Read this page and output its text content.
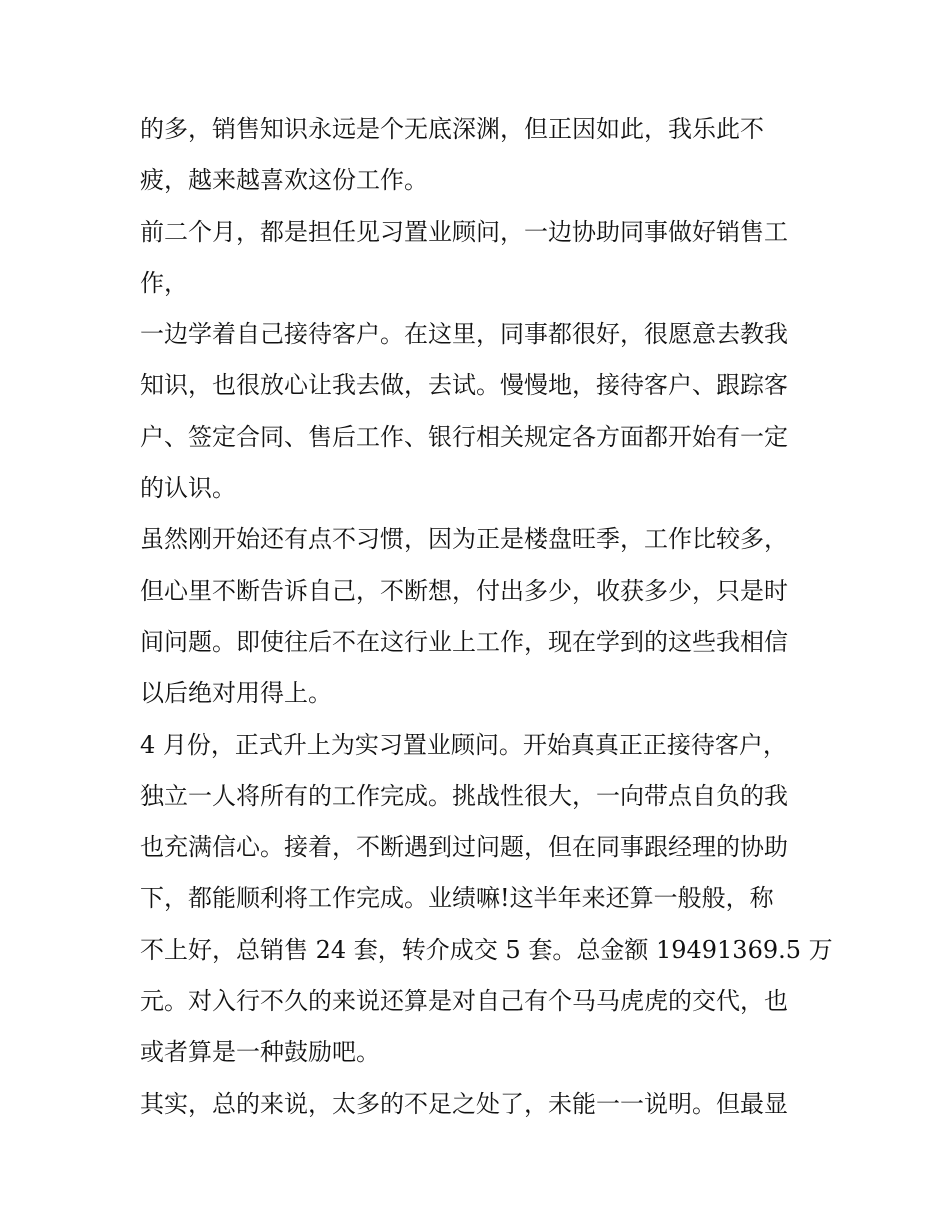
的多，销售知识永远是个无底深渊，但正因如此，我乐此不
疲，越来越喜欢这份工作。
前二个月，都是担任见习置业顾问，一边协助同事做好销售工
作，
一边学着自己接待客户。在这里，同事都很好，很愿意去教我
知识，也很放心让我去做，去试。慢慢地，接待客户、跟踪客
户、签定合同、售后工作、银行相关规定各方面都开始有一定
的认识。
虽然刚开始还有点不习惯，因为正是楼盘旺季，工作比较多，
但心里不断告诉自己，不断想，付出多少，收获多少，只是时
间问题。即使往后不在这行业上工作，现在学到的这些我相信
以后绝对用得上。
4 月份，正式升上为实习置业顾问。开始真真正正接待客户，
独立一人将所有的工作完成。挑战性很大，一向带点自负的我
也充满信心。接着，不断遇到过问题，但在同事跟经理的协助
下，都能顺利将工作完成。业绩嘛!这半年来还算一般般，称
不上好，总销售 24 套，转介成交 5 套。总金额 19491369.5 万
元。对入行不久的来说还算是对自己有个马马虎虎的交代，也
或者算是一种鼓励吧。
其实，总的来说，太多的不足之处了，未能一一说明。但最显
